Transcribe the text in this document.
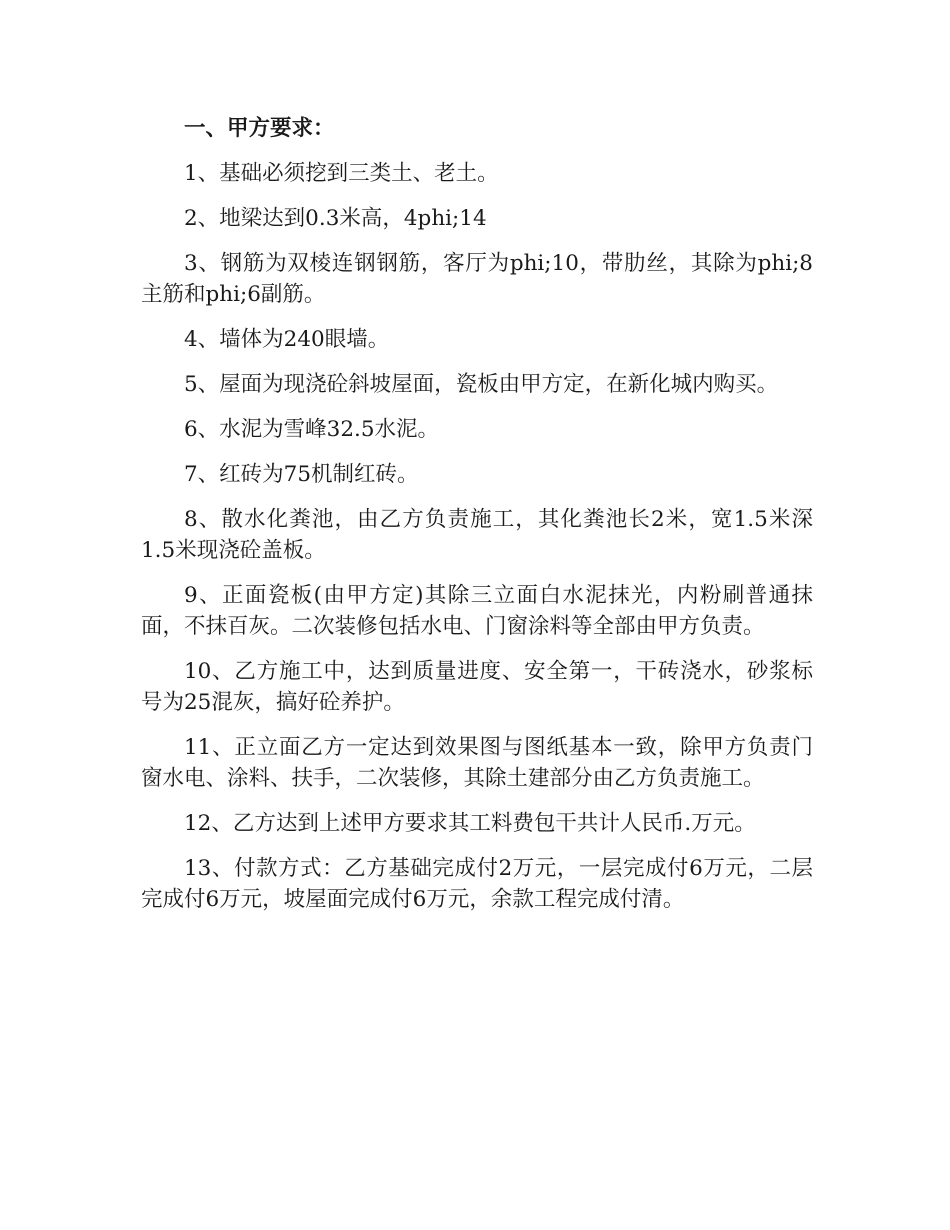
一、甲方要求：

1、基础必须挖到三类土、老土。

2、地梁达到0.3米高，4phi;14

3、钢筋为双棱连钢钢筋，客厅为phi;10，带肋丝，其除为phi;8主筋和phi;6副筋。

4、墙体为240眼墙。

5、屋面为现浇砼斜坡屋面，瓷板由甲方定，在新化城内购买。

6、水泥为雪峰32.5水泥。

7、红砖为75机制红砖。

8、散水化粪池，由乙方负责施工，其化粪池长2米，宽1.5米深1.5米现浇砼盖板。

9、正面瓷板(由甲方定)其除三立面白水泥抹光，内粉刷普通抹面，不抹百灰。二次装修包括水电、门窗涂料等全部由甲方负责。

10、乙方施工中，达到质量进度、安全第一，干砖浇水，砂浆标号为25混灰，搞好砼养护。

11、正立面乙方一定达到效果图与图纸基本一致，除甲方负责门窗水电、涂料、扶手，二次装修，其除土建部分由乙方负责施工。

12、乙方达到上述甲方要求其工料费包干共计人民币.万元。

13、付款方式：乙方基础完成付2万元，一层完成付6万元，二层完成付6万元，坡屋面完成付6万元，余款工程完成付清。
